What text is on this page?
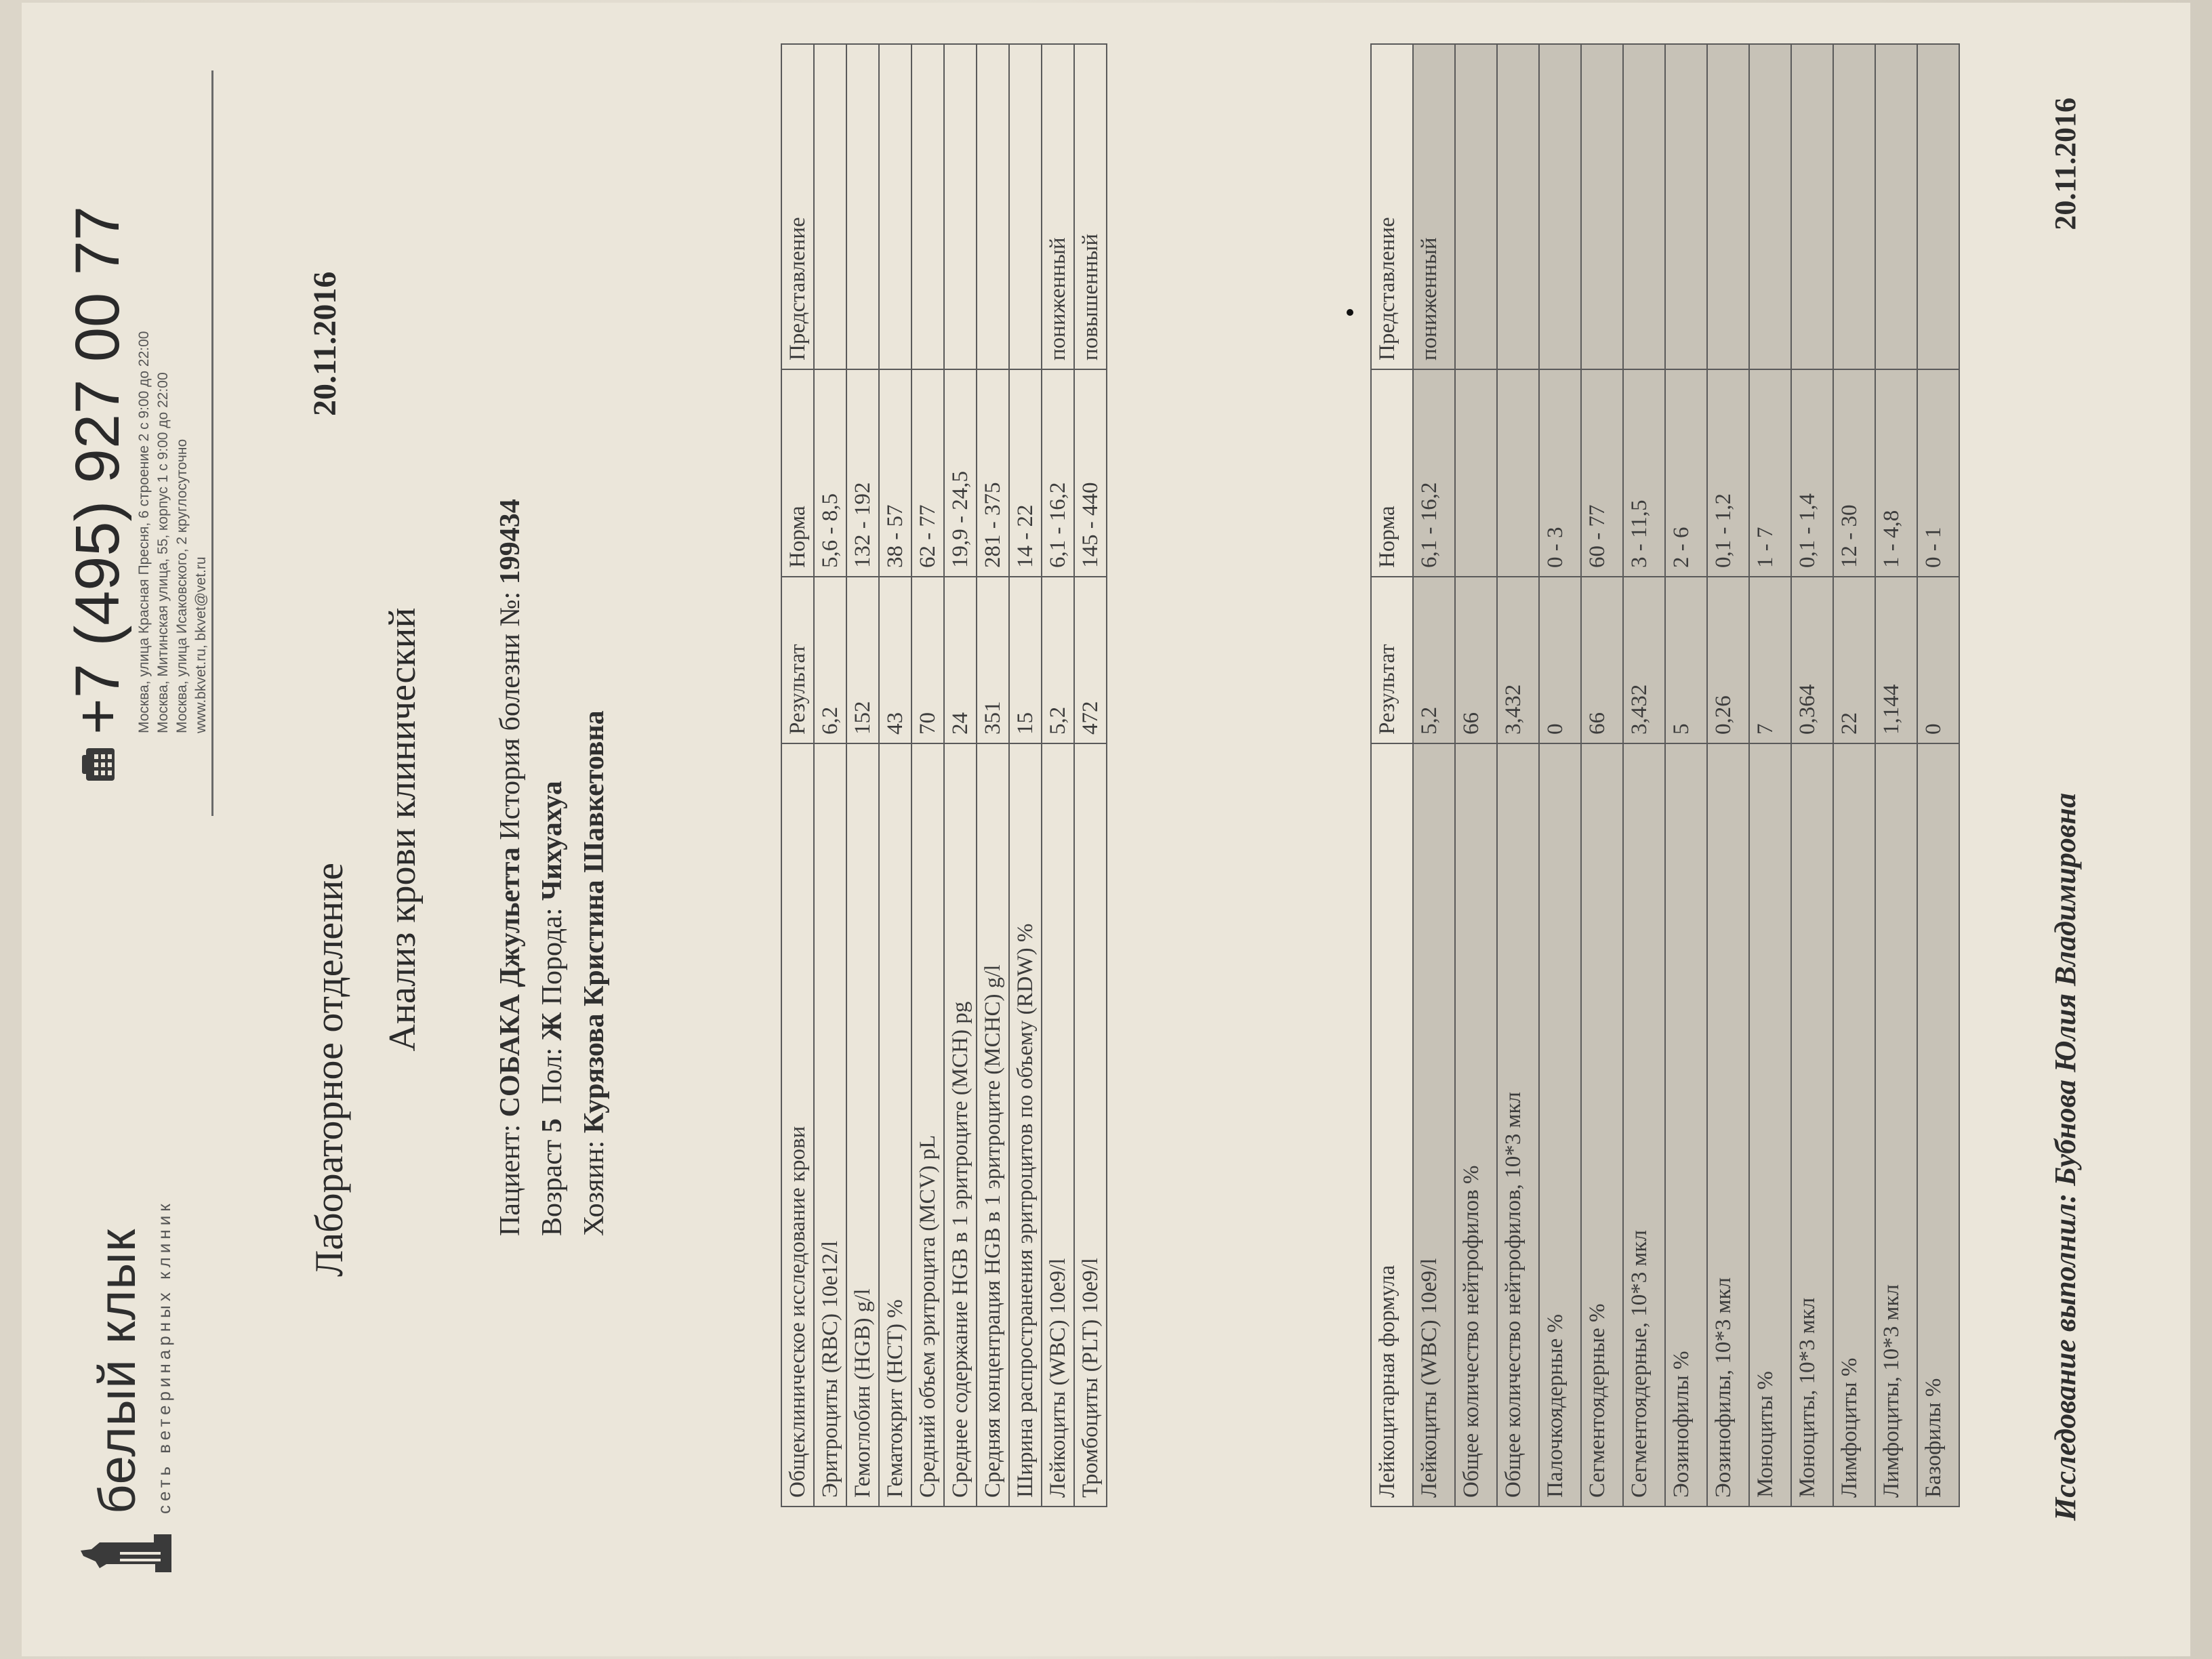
белый клык сеть ветеринарных клиник
+7 (495) 927 00 77 Москва, улица Красная Пресня, 6 строение 2 с 9:00 до 22:00 Москва, Митинская улица, 55, корпус 1 с 9:00 до 22:00 Москва, улица Исаковского, 2 круглосуточно www.bkvet.ru, bkvet@vet.ru
Лабораторное отделение
20.11.2016
Анализ крови клинический
Пациент: СОБАКА Джульетта История болезни №: 199434
Возраст 5  Пол: Ж Порода: Чихуахуа
Хозяин: Курязова Кристина Шавкетовна
Общеклиническое исследование крови	Результат	Норма	Представление
Эритроциты (RBC) 10e12/l	6,2	5,6 - 8,5	
Гемоглобин (HGB) g/l	152	132 - 192	
Гематокрит (HCT) %	43	38 - 57	
Средний объем эритроцита (MCV) pL	70	62 - 77	
Среднее содержание HGB в 1 эритроците (MCH) pg	24	19,9 - 24,5	
Средняя концентрация HGB в 1 эритроците (MCHC) g/l	351	281 - 375	
Ширина распространения эритроцитов по объему (RDW) %	15	14 - 22	
Лейкоциты (WBC) 10e9/l	5,2	6,1 - 16,2	пониженный
Тромбоциты (PLT) 10e9/l	472	145 - 440	повышенный
Лейкоцитарная формула	Результат	Норма	Представление
Лейкоциты (WBC) 10e9/l	5,2	6,1 - 16,2	пониженный
Общее количество нейтрофилов %	66		
Общее количество нейтрофилов, 10*3 мкл	3,432		
Палочкоядерные %	0	0 - 3	
Сегментоядерные %	66	60 - 77	
Сегментоядерные, 10*3 мкл	3,432	3 - 11,5	
Эозинофилы %	5	2 - 6	
Эозинофилы, 10*3 мкл	0,26	0,1 - 1,2	
Моноциты %	7	1 - 7	
Моноциты, 10*3 мкл	0,364	0,1 - 1,4	
Лимфоциты %	22	12 - 30	
Лимфоциты, 10*3 мкл	1,144	1 - 4,8	
Базофилы %	0	0 - 1	
Исследование выполнил: Бубнова Юлия Владимировна
20.11.2016
